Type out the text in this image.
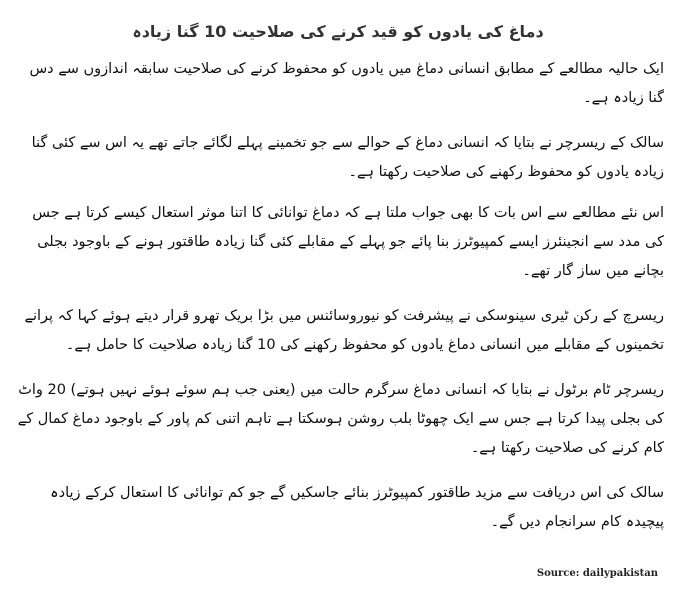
دماغ کی یادوں کو قید کرنے کی صلاحیت 10 گنا زیادہ

ایک حالیہ مطالعے کے مطابق انسانی دماغ میں یادوں کو محفوظ کرنے کی صلاحیت سابقہ اندازوں سے دس گنا زیادہ ہے۔

سالک کے ریسرچر نے بتایا کہ انسانی دماغ کے حوالے سے جو تخمینے پہلے لگائے جاتے تھے یہ اس سے کئی گنا زیادہ یادوں کو محفوظ رکھنے کی صلاحیت رکھتا ہے۔

اس نئے مطالعے سے اس بات کا بھی جواب ملتا ہے کہ دماغ توانائی کا اتنا موثر استعال کیسے کرتا ہے جس کی مدد سے انجینئرز ایسے کمپیوٹرز بنا پائے جو پہلے کے مقابلے کئی گنا زیادہ طاقتور ہونے کے باوجود بجلی بچانے میں ساز گار تھے۔

ریسرچ کے رکن ٹیری سینوسکی نے پیشرفت کو نیوروسائنس میں بڑا بریک تھرو قرار دیتے ہوئے کہا کہ پرانے تخمینوں کے مقابلے میں انسانی دماغ یادوں کو محفوظ رکھنے کی 10 گنا زیادہ صلاحیت کا حامل ہے۔

ریسرچر ٹام برٹول نے بتایا کہ انسانی دماغ سرگرم حالت میں (یعنی جب ہم سوئے ہوئے نہیں ہوتے) 20 واٹ کی بجلی پیدا کرتا ہے جس سے ایک چھوٹا بلب روشن ہوسکتا ہے تاہم اتنی کم پاور کے باوجود دماغ کمال کے کام کرنے کی صلاحیت رکھتا ہے۔

سالک کی اس دریافت سے مزید طاقتور کمپیوٹرز بنائے جاسکیں گے جو کم توانائی کا استعال کرکے زیادہ پیچیدہ کام سرانجام دیں گے۔

Source: dailypakistan
